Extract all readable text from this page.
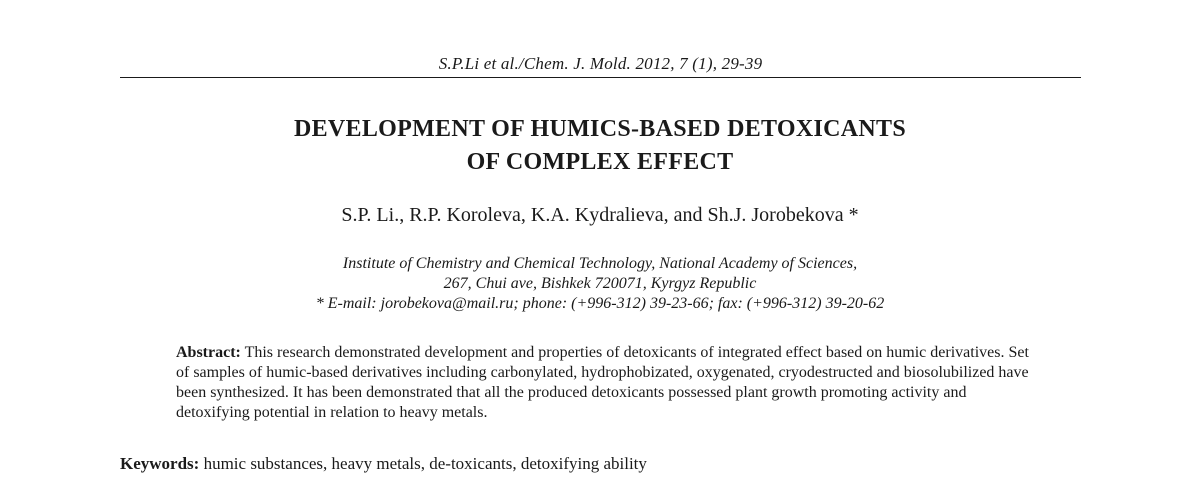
S.P.Li et al./Chem. J. Mold. 2012, 7 (1), 29-39
DEVELOPMENT OF HUMICS-BASED DETOXICANTS
OF COMPLEX EFFECT
S.P. Li., R.P. Koroleva, K.A. Kydralieva, and Sh.J. Jorobekova *
Institute of Chemistry and Chemical Technology, National Academy of Sciences,
267, Chui ave, Bishkek 720071, Kyrgyz Republic
* E-mail: jorobekova@mail.ru; phone: (+996-312) 39-23-66; fax: (+996-312) 39-20-62
Abstract: This research demonstrated development and properties of detoxicants of integrated effect based on humic derivatives. Set of samples of humic-based derivatives including carbonylated, hydrophobizated, oxygenated, cryodestructed and biosolubilized have been synthesized. It has been demonstrated that all the produced detoxicants possessed plant growth promoting activity and detoxifying potential in relation to heavy metals.
Keywords: humic substances, heavy metals, de-toxicants, detoxifying ability
